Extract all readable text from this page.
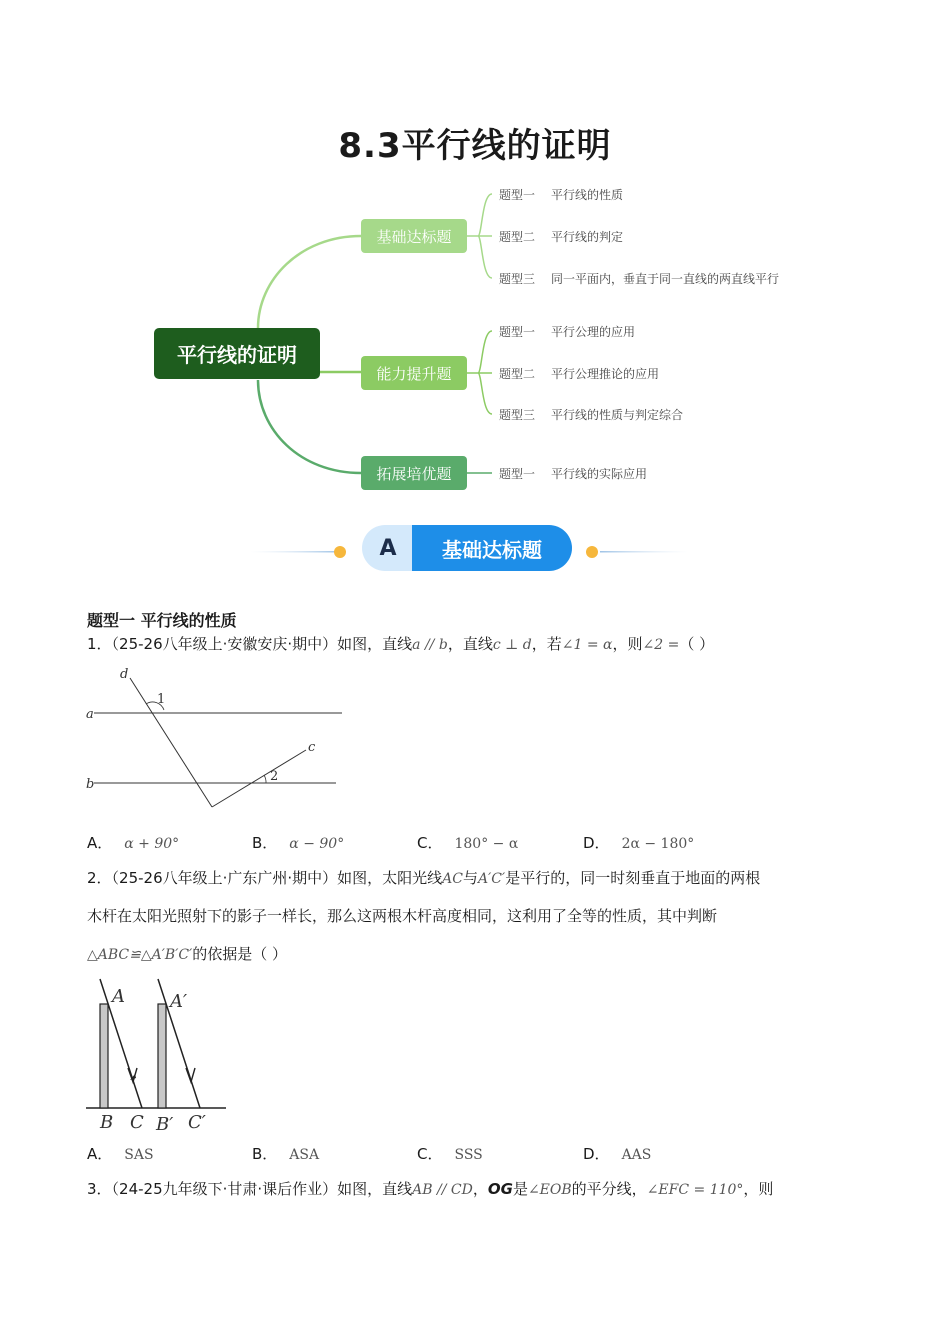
8.3平行线的证明
平行线的证明
基础达标题
能力提升题
拓展培优题
题型一 平行线的性质
题型二 平行线的判定
题型三 同一平面内，垂直于同一直线的两直线平行
题型一 平行公理的应用
题型二 平行公理推论的应用
题型三 平行线的性质与判定综合
题型一 平行线的实际应用
A	基础达标题
题型一 平行线的性质
1．（25-26八年级上·安徽安庆·期中）如图，直线a // b，直线c ⊥ d，若∠1 = α，则∠2 =（ ）
d
1
a
c
b
2
A． α + 90°	B． α − 90°	C． 180° − α	D． 2α − 180°
2．（25-26八年级上·广东广州·期中）如图，太阳光线AC与A′C′是平行的，同一时刻垂直于地面的两根
木杆在太阳光照射下的影子一样长，那么这两根木杆高度相同，这利用了全等的性质，其中判断
△ABC≌△A′B′C′的依据是（ ）
A	A′
B C B′ C′
A． SAS	B． ASA	C． SSS	D． AAS
3．（24-25九年级下·甘肃·课后作业）如图，直线AB // CD，OG是∠EOB的平分线，∠EFC = 110°，则
